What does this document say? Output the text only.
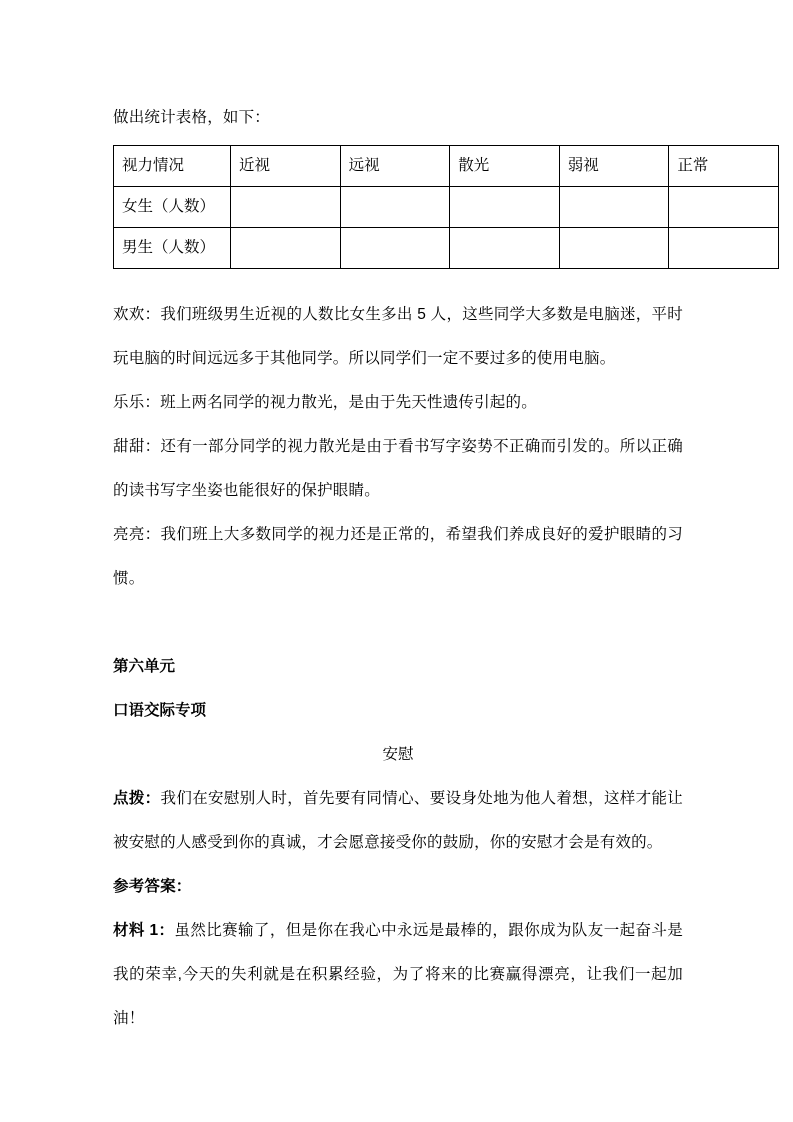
做出统计表格，如下：

视力情况	近视	远视	散光	弱视	正常
女生（人数）					
男生（人数）					

欢欢：我们班级男生近视的人数比女生多出 5 人，这些同学大多数是电脑迷，平时玩电脑的时间远远多于其他同学。所以同学们一定不要过多的使用电脑。

乐乐：班上两名同学的视力散光，是由于先天性遗传引起的。

甜甜：还有一部分同学的视力散光是由于看书写字姿势不正确而引发的。所以正确的读书写字坐姿也能很好的保护眼睛。

亮亮：我们班上大多数同学的视力还是正常的，希望我们养成良好的爱护眼睛的习惯。

第六单元

口语交际专项

安慰

点拨：我们在安慰别人时，首先要有同情心、要设身处地为他人着想，这样才能让被安慰的人感受到你的真诚，才会愿意接受你的鼓励，你的安慰才会是有效的。

参考答案：

材料 1：虽然比赛输了，但是你在我心中永远是最棒的，跟你成为队友一起奋斗是我的荣幸,今天的失利就是在积累经验，为了将来的比赛赢得漂亮，让我们一起加油！
